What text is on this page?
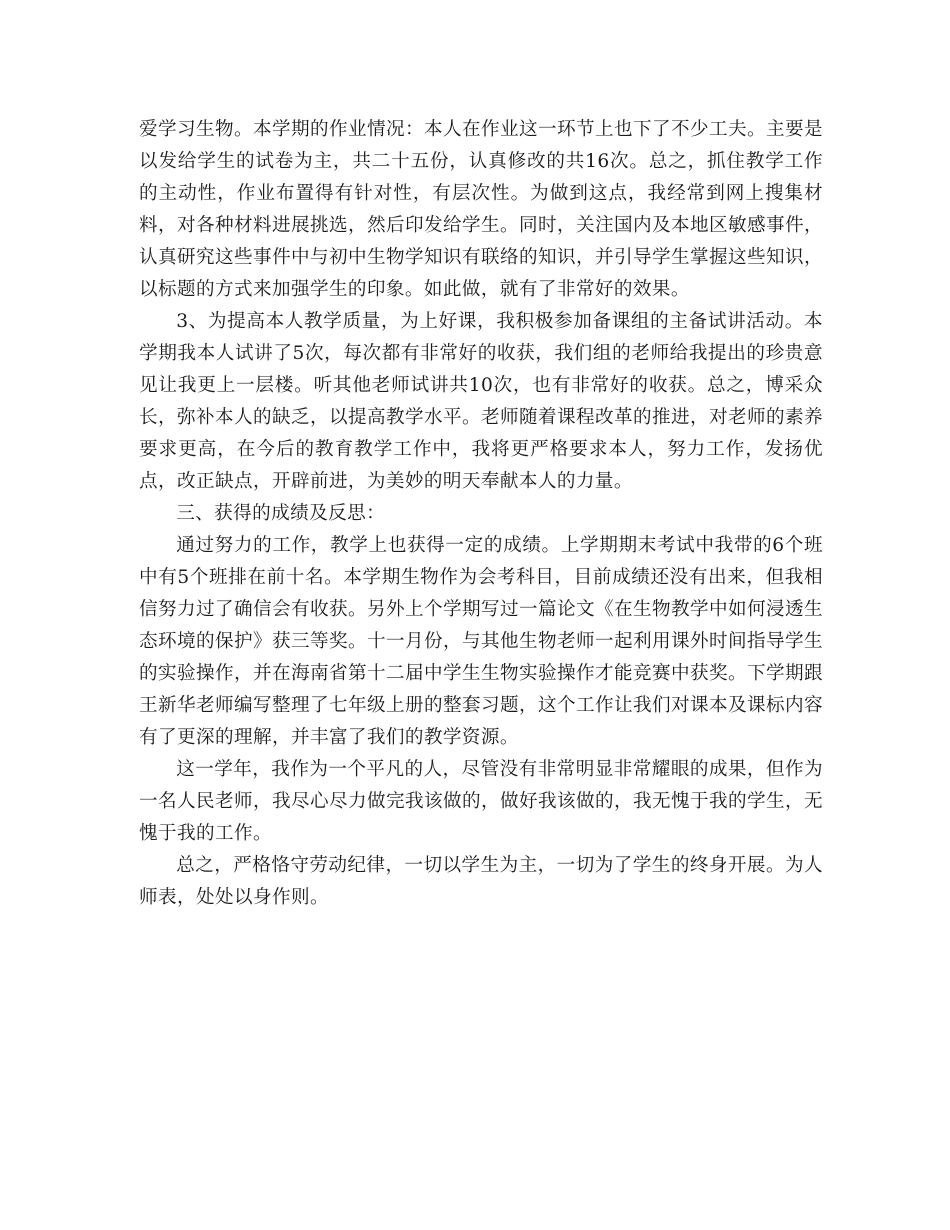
爱学习生物。本学期的作业情况：本人在作业这一环节上也下了不少工夫。主要是以发给学生的试卷为主，共二十五份，认真修改的共16次。总之，抓住教学工作的主动性，作业布置得有针对性，有层次性。为做到这点，我经常到网上搜集材料，对各种材料进展挑选，然后印发给学生。同时，关注国内及本地区敏感事件，认真研究这些事件中与初中生物学知识有联络的知识，并引导学生掌握这些知识，以标题的方式来加强学生的印象。如此做，就有了非常好的效果。

3、为提高本人教学质量，为上好课，我积极参加备课组的主备试讲活动。本学期我本人试讲了5次，每次都有非常好的收获，我们组的老师给我提出的珍贵意见让我更上一层楼。听其他老师试讲共10次，也有非常好的收获。总之，博采众长，弥补本人的缺乏，以提高教学水平。老师随着课程改革的推进，对老师的素养要求更高，在今后的教育教学工作中，我将更严格要求本人，努力工作，发扬优点，改正缺点，开辟前进，为美妙的明天奉献本人的力量。

三、获得的成绩及反思：

通过努力的工作，教学上也获得一定的成绩。上学期期末考试中我带的6个班中有5个班排在前十名。本学期生物作为会考科目，目前成绩还没有出来，但我相信努力过了确信会有收获。另外上个学期写过一篇论文《在生物教学中如何浸透生态环境的保护》获三等奖。十一月份，与其他生物老师一起利用课外时间指导学生的实验操作，并在海南省第十二届中学生生物实验操作才能竞赛中获奖。下学期跟王新华老师编写整理了七年级上册的整套习题，这个工作让我们对课本及课标内容有了更深的理解，并丰富了我们的教学资源。

这一学年，我作为一个平凡的人，尽管没有非常明显非常耀眼的成果，但作为一名人民老师，我尽心尽力做完我该做的，做好我该做的，我无愧于我的学生，无愧于我的工作。

总之，严格恪守劳动纪律，一切以学生为主，一切为了学生的终身开展。为人师表，处处以身作则。
